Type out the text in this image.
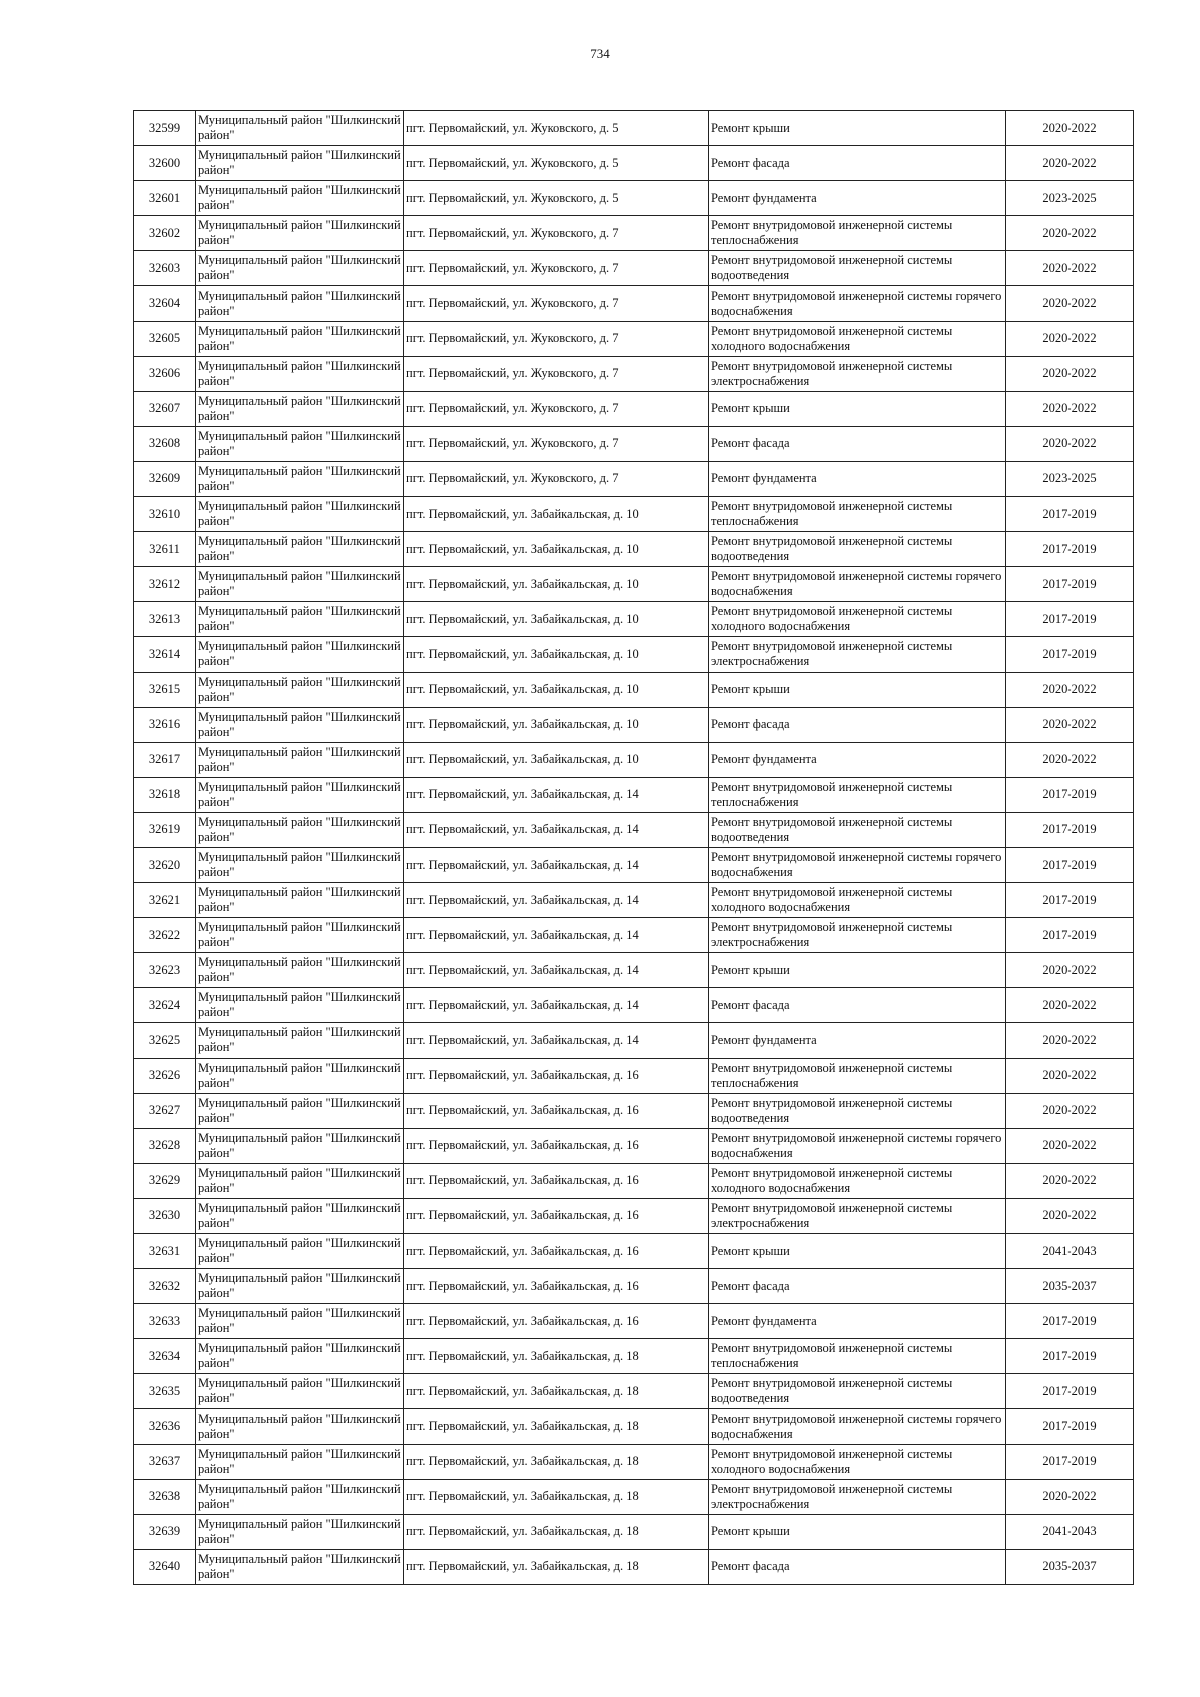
734
32599	Муниципальный район "Шилкинский район"	пгт. Первомайский, ул. Жуковского, д. 5	Ремонт крыши	2020-2022
32600	Муниципальный район "Шилкинский район"	пгт. Первомайский, ул. Жуковского, д. 5	Ремонт фасада	2020-2022
32601	Муниципальный район "Шилкинский район"	пгт. Первомайский, ул. Жуковского, д. 5	Ремонт фундамента	2023-2025
32602	Муниципальный район "Шилкинский район"	пгт. Первомайский, ул. Жуковского, д. 7	Ремонт внутридомовой инженерной системы теплоснабжения	2020-2022
32603	Муниципальный район "Шилкинский район"	пгт. Первомайский, ул. Жуковского, д. 7	Ремонт внутридомовой инженерной системы водоотведения	2020-2022
32604	Муниципальный район "Шилкинский район"	пгт. Первомайский, ул. Жуковского, д. 7	Ремонт внутридомовой инженерной системы горячего водоснабжения	2020-2022
32605	Муниципальный район "Шилкинский район"	пгт. Первомайский, ул. Жуковского, д. 7	Ремонт внутридомовой инженерной системы холодного водоснабжения	2020-2022
32606	Муниципальный район "Шилкинский район"	пгт. Первомайский, ул. Жуковского, д. 7	Ремонт внутридомовой инженерной системы электроснабжения	2020-2022
32607	Муниципальный район "Шилкинский район"	пгт. Первомайский, ул. Жуковского, д. 7	Ремонт крыши	2020-2022
32608	Муниципальный район "Шилкинский район"	пгт. Первомайский, ул. Жуковского, д. 7	Ремонт фасада	2020-2022
32609	Муниципальный район "Шилкинский район"	пгт. Первомайский, ул. Жуковского, д. 7	Ремонт фундамента	2023-2025
32610	Муниципальный район "Шилкинский район"	пгт. Первомайский, ул. Забайкальская, д. 10	Ремонт внутридомовой инженерной системы теплоснабжения	2017-2019
32611	Муниципальный район "Шилкинский район"	пгт. Первомайский, ул. Забайкальская, д. 10	Ремонт внутридомовой инженерной системы водоотведения	2017-2019
32612	Муниципальный район "Шилкинский район"	пгт. Первомайский, ул. Забайкальская, д. 10	Ремонт внутридомовой инженерной системы горячего водоснабжения	2017-2019
32613	Муниципальный район "Шилкинский район"	пгт. Первомайский, ул. Забайкальская, д. 10	Ремонт внутридомовой инженерной системы холодного водоснабжения	2017-2019
32614	Муниципальный район "Шилкинский район"	пгт. Первомайский, ул. Забайкальская, д. 10	Ремонт внутридомовой инженерной системы электроснабжения	2017-2019
32615	Муниципальный район "Шилкинский район"	пгт. Первомайский, ул. Забайкальская, д. 10	Ремонт крыши	2020-2022
32616	Муниципальный район "Шилкинский район"	пгт. Первомайский, ул. Забайкальская, д. 10	Ремонт фасада	2020-2022
32617	Муниципальный район "Шилкинский район"	пгт. Первомайский, ул. Забайкальская, д. 10	Ремонт фундамента	2020-2022
32618	Муниципальный район "Шилкинский район"	пгт. Первомайский, ул. Забайкальская, д. 14	Ремонт внутридомовой инженерной системы теплоснабжения	2017-2019
32619	Муниципальный район "Шилкинский район"	пгт. Первомайский, ул. Забайкальская, д. 14	Ремонт внутридомовой инженерной системы водоотведения	2017-2019
32620	Муниципальный район "Шилкинский район"	пгт. Первомайский, ул. Забайкальская, д. 14	Ремонт внутридомовой инженерной системы горячего водоснабжения	2017-2019
32621	Муниципальный район "Шилкинский район"	пгт. Первомайский, ул. Забайкальская, д. 14	Ремонт внутридомовой инженерной системы холодного водоснабжения	2017-2019
32622	Муниципальный район "Шилкинский район"	пгт. Первомайский, ул. Забайкальская, д. 14	Ремонт внутридомовой инженерной системы электроснабжения	2017-2019
32623	Муниципальный район "Шилкинский район"	пгт. Первомайский, ул. Забайкальская, д. 14	Ремонт крыши	2020-2022
32624	Муниципальный район "Шилкинский район"	пгт. Первомайский, ул. Забайкальская, д. 14	Ремонт фасада	2020-2022
32625	Муниципальный район "Шилкинский район"	пгт. Первомайский, ул. Забайкальская, д. 14	Ремонт фундамента	2020-2022
32626	Муниципальный район "Шилкинский район"	пгт. Первомайский, ул. Забайкальская, д. 16	Ремонт внутридомовой инженерной системы теплоснабжения	2020-2022
32627	Муниципальный район "Шилкинский район"	пгт. Первомайский, ул. Забайкальская, д. 16	Ремонт внутридомовой инженерной системы водоотведения	2020-2022
32628	Муниципальный район "Шилкинский район"	пгт. Первомайский, ул. Забайкальская, д. 16	Ремонт внутридомовой инженерной системы горячего водоснабжения	2020-2022
32629	Муниципальный район "Шилкинский район"	пгт. Первомайский, ул. Забайкальская, д. 16	Ремонт внутридомовой инженерной системы холодного водоснабжения	2020-2022
32630	Муниципальный район "Шилкинский район"	пгт. Первомайский, ул. Забайкальская, д. 16	Ремонт внутридомовой инженерной системы электроснабжения	2020-2022
32631	Муниципальный район "Шилкинский район"	пгт. Первомайский, ул. Забайкальская, д. 16	Ремонт крыши	2041-2043
32632	Муниципальный район "Шилкинский район"	пгт. Первомайский, ул. Забайкальская, д. 16	Ремонт фасада	2035-2037
32633	Муниципальный район "Шилкинский район"	пгт. Первомайский, ул. Забайкальская, д. 16	Ремонт фундамента	2017-2019
32634	Муниципальный район "Шилкинский район"	пгт. Первомайский, ул. Забайкальская, д. 18	Ремонт внутридомовой инженерной системы теплоснабжения	2017-2019
32635	Муниципальный район "Шилкинский район"	пгт. Первомайский, ул. Забайкальская, д. 18	Ремонт внутридомовой инженерной системы водоотведения	2017-2019
32636	Муниципальный район "Шилкинский район"	пгт. Первомайский, ул. Забайкальская, д. 18	Ремонт внутридомовой инженерной системы горячего водоснабжения	2017-2019
32637	Муниципальный район "Шилкинский район"	пгт. Первомайский, ул. Забайкальская, д. 18	Ремонт внутридомовой инженерной системы холодного водоснабжения	2017-2019
32638	Муниципальный район "Шилкинский район"	пгт. Первомайский, ул. Забайкальская, д. 18	Ремонт внутридомовой инженерной системы электроснабжения	2020-2022
32639	Муниципальный район "Шилкинский район"	пгт. Первомайский, ул. Забайкальская, д. 18	Ремонт крыши	2041-2043
32640	Муниципальный район "Шилкинский район"	пгт. Первомайский, ул. Забайкальская, д. 18	Ремонт фасада	2035-2037
